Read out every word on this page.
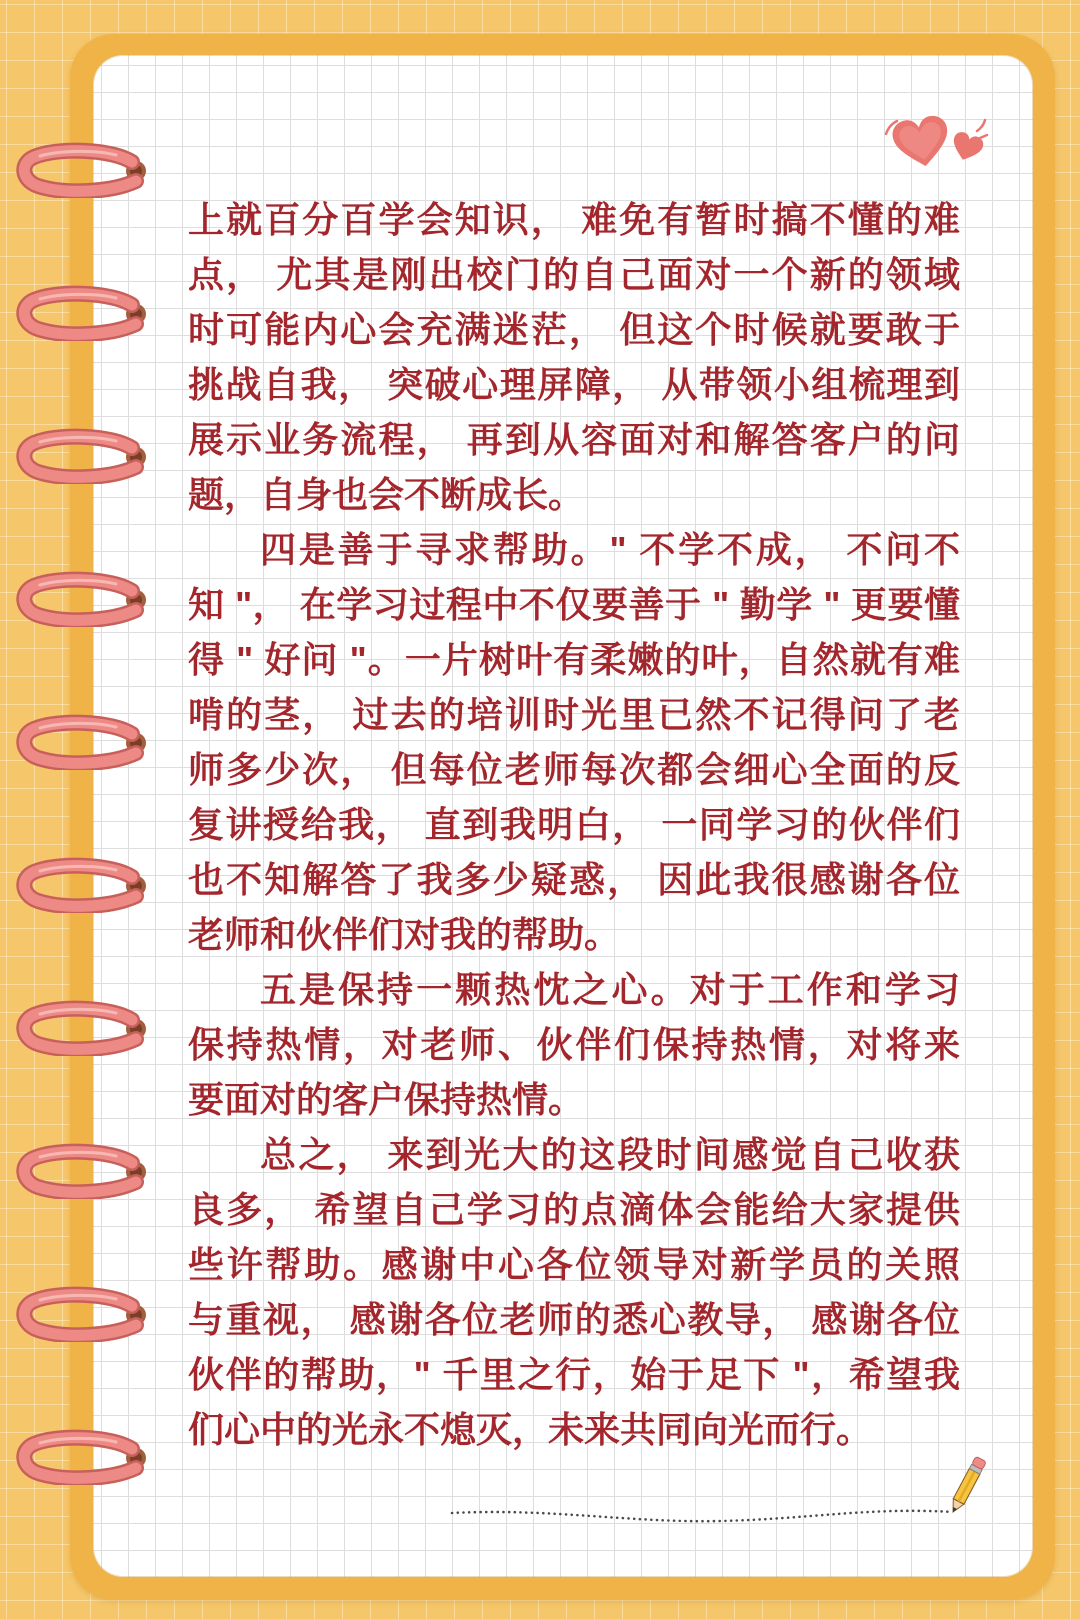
上就百分百学会知识， 难免有暂时搞不懂的难
点， 尤其是刚出校门的自己面对一个新的领域
时可能内心会充满迷茫， 但这个时候就要敢于
挑战自我， 突破心理屏障， 从带领小组梳理到
展示业务流程， 再到从容面对和解答客户的问
题，自身也会不断成长。
四是善于寻求帮助。" 不学不成， 不问不
知 "， 在学习过程中不仅要善于 " 勤学 " 更要懂
得 " 好问 "。一片树叶有柔嫩的叶，自然就有难
啃的茎， 过去的培训时光里已然不记得问了老
师多少次， 但每位老师每次都会细心全面的反
复讲授给我， 直到我明白， 一同学习的伙伴们
也不知解答了我多少疑惑， 因此我很感谢各位
老师和伙伴们对我的帮助。
五是保持一颗热忱之心。对于工作和学习
保持热情，对老师、伙伴们保持热情，对将来
要面对的客户保持热情。
总之， 来到光大的这段时间感觉自己收获
良多， 希望自己学习的点滴体会能给大家提供
些许帮助。感谢中心各位领导对新学员的关照
与重视， 感谢各位老师的悉心教导， 感谢各位
伙伴的帮助，" 千里之行，始于足下 "，希望我
们心中的光永不熄灭，未来共同向光而行。
